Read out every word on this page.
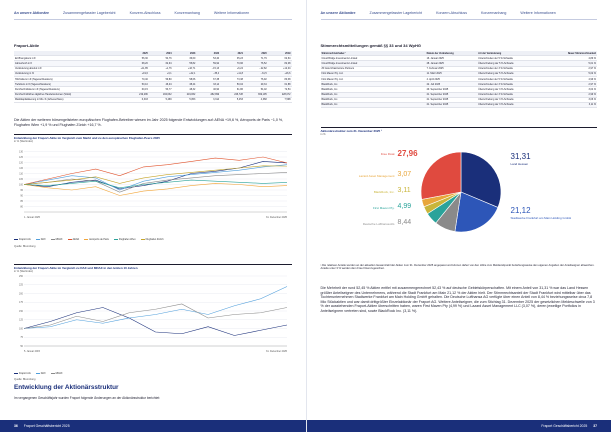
An unsere Aktionäre	Zusammengefasster Lagebericht	Konzern-Abschluss	Konzernanhang	Weitere Informationen
Fraport-Aktie
	2025	2024	2023	2022	2021	2020	2019
Eröffnungskurs in €	56,30	54,76	36,60	53,40	35,23	71,79	62,64
Jahreshoch in €	68,20	62,94	55,82	59,92	70,96	76,52	82,08
Veränderung absolut in €	+11,85	+1,76	+16,71	−15,13	+6,24	−22,82	+12,04
Veränderung in %	+19,6	+3,1	+42,1	−35,4	+11,8	−31,5	+16,6
Höchstkurs in € (Tagesschlusskurs)	70,40	59,80	58,66	67,38	73,38	76,92	80,38
Tiefstkurs in € (Tagesschlusskurs)	50,10	46,04	38,44	33,14	50,04	29,34	61,88
Durchschnittskurs in € (Tagesschlusskurs)	60,15	53,77	48,32	46,90	61,86	54,02	72,54
Durchschnittliches tägliches Handelsvolumen (Stück)	219,296	184,632	219,832	282,999	226,728	399,195	228,072
Marktkapitalisierung in Mio. € (Jahresschluss)	6,303	5,469	5,053	3,314	5,453	4,368	7,598
Die Aktien der weiteren börsengelisteten europäischen Flughafen-Betreiber wiesen im Jahr 2025 folgende Entwicklungen auf: AENA +19,6 %, Aéroports de Paris −1,0 %, Flughafen Wien +1,9 % und Flughafen Zürich +16,7 %.
Entwicklung der Fraport-Aktie im Vergleich zum Markt und zu den europäischen Flughafen-Peers 2025
in % (Wertindex)
130
125
120
115
110
105
100
95
90
85
80
1. Januar 2025	31. Dezember 2025
Fraport AG	DAX	MDAX	AENA	Aéroports de Paris	Flughafen Wien	Flughafen Zürich
Quelle: Bloomberg
Entwicklung der Fraport-Aktie im Vergleich zu DAX und MDAX in den letzten 10 Jahren
in % (Wertindex)
250
225
200
175
150
125
100
75
50
5. Januar 2015	31. Dezember 2025
Fraport AG	DAX	MDAX
Quelle: Bloomberg
Entwicklung der Aktionärsstruktur
Im vergangenen Geschäftsjahr wurden Fraport folgende Änderungen an der Aktionärsstruktur berichtet:
36 Fraport Geschäftsbericht 2025
An unsere Aktionäre	Zusammengefasster Lagebericht	Konzern-Abschluss	Konzernanhang	Weitere Informationen
Stimmrechtsmitteilungen gemäß §§ 33 und 34 WpHG
Stimmrechtsinhaber ¹	Datum der Veränderung	Art der Veränderung	Neuer Stimmrechtsanteil
Cloud Bridge Investments Limited	16. Januar 2025	Unterschreiten der 5 %-Schwelle	4,89 %
Cloud Bridge Investments Limited	28. Januar 2025	Überschreitung der 5 %-Schwelle	5,01 %
ZF Asia Infrastructure Partners	7. Februar 2025	Unterschreiten der 3 %-Schwelle	2,97 %
First Maven Pty. Ltd.	11. März 2025	Überschreitung der 5 %-Schwelle	5,02 %
First Maven Pty. Ltd.	4. April 2025	Unterschreiten der 5 %-Schwelle	4,99 %
BlackRock, Inc.	22. Juli 2025	Unterschreiten der 3 %-Schwelle	2,97 %
BlackRock, Inc.	29. September 2025	Überschreitung der 3 %-Schwelle	3,04 %
BlackRock, Inc.	21. September 2025	Unterschreiten der 3 %-Schwelle	2,99 %
BlackRock, Inc.	21. September 2025	Überschreitung der 3 %-Schwelle	3,06 %
BlackRock, Inc.	21. September 2025	Überschreitung der 3 %-Schwelle	3,11 %
Aktionärsstruktur zum 31. Dezember 2025 ¹
in %
Free Float 27,96
Lazard Asset Management 3,07
BlackRock, Inc. 3,11
First Maven Pty. 4,99
Deutsche Lufthansa AG 8,44
31,31
Land Hessen
21,12
Stadtwerke Frankfurt am Main Holding GmbH
¹ Die relativen Anteile wurden an der aktuellen Gesamtzahl der Aktien zum 31. Dezember 2025 angepasst und können daher von den Höhe zum Meldezeitpunkt beziehungsweise den eigenen Angaben der Anteilseigner abweichen. Anteile unter 3 % werden dem Free Float zugeordnet.
Die Mehrheit der rund 52,45 % Aktien entfiel mit zusammengerechnet 52,43 % auf deutsche Gebietskörperschaften. Mit einem Anteil von 31,31 % war das Land Hessen größter Anteilseigner des Unternehmens, während die Stadt Frankfurt am Main 21,12 % der Aktien hielt. Der Stimmrechtsanteil der Stadt Frankfurt wird mittelbar über das Tochterunternehmen Stadtwerke Frankfurt am Main Holding GmbH gehalten. Die Deutsche Lufthansa AG verfügte über einen Anteil von 8,44 % beziehungsweise circa 7,8 Mio Stückaktien und war damit drittgrößter Einzelaktionär der Fraport AG. Weitere Anteilseigner, die zum Stichtag 31. Dezember 2025 der gesetzlichen Meldeschwelle von 3 % der ausstehenden Fraport-Aktien überschritten haben, waren First Maven Pty (4,99 %) und Lazard Asset Management LLC (3,07 %), deren jeweilige Portfolios in Anteilseignern vertreten sind, sowie BlackRock Inc. (3,11 %).
Fraport Geschäftsbericht 2025 37
